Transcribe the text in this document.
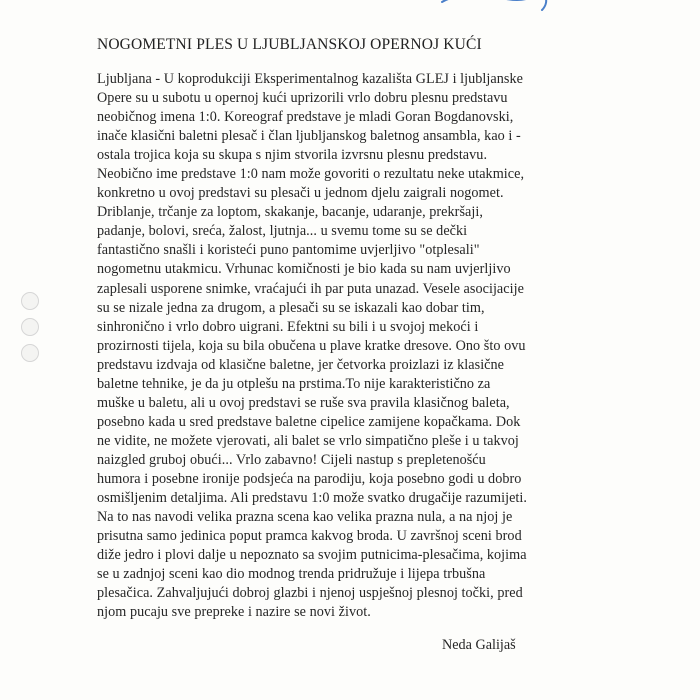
NOGOMETNI PLES U LJUBLJANSKOJ OPERNOJ KUĆI
Ljubljana - U koprodukciji Eksperimentalnog kazališta GLEJ i ljubljanske
Opere su u subotu u opernoj kući uprizorili vrlo dobru plesnu predstavu
neobičnog imena 1:0. Koreograf predstave je mladi Goran Bogdanovski,
inače klasični baletni plesač i član ljubljanskog baletnog ansambla, kao i -
ostala trojica koja su skupa s njim stvorila izvrsnu plesnu predstavu.
Neobično ime predstave 1:0 nam može govoriti o rezultatu neke utakmice,
konkretno u ovoj predstavi su plesači u jednom djelu zaigrali nogomet.
Driblanje, trčanje za loptom, skakanje, bacanje, udaranje, prekršaji,
padanje, bolovi, sreća, žalost, ljutnja... u svemu tome su se dečki
fantastično snašli i koristeći puno pantomime uvjerljivo "otplesali"
nogometnu utakmicu. Vrhunac komičnosti je bio kada su nam uvjerljivo
zaplesali usporene snimke, vraćajući ih par puta unazad. Vesele asocijacije
su se nizale jedna za drugom, a plesači su se iskazali kao dobar tim,
sinhronično i vrlo dobro uigrani. Efektni su bili i u svojoj mekoći i
prozirnosti tijela, koja su bila obučena u plave kratke dresove. Ono što ovu
predstavu izdvaja od klasične baletne, jer četvorka proizlazi iz klasične
baletne tehnike, je da ju otplešu na prstima.To nije karakteristično za
muške u baletu, ali u ovoj predstavi se ruše sva pravila klasičnog baleta,
posebno kada u sred predstave baletne cipelice zamijene kopačkama. Dok
ne vidite, ne možete vjerovati, ali balet se vrlo simpatično pleše i u takvoj
naizgled gruboj obući... Vrlo zabavno! Cijeli nastup s prepletenošću
humora i posebne ironije podsjeća na parodiju, koja posebno godi u dobro
osmišljenim detaljima. Ali predstavu 1:0 može svatko drugačije razumijeti.
Na to nas navodi velika prazna scena kao velika prazna nula, a na njoj je
prisutna samo jedinica poput pramca kakvog broda. U završnoj sceni brod
diže jedro i plovi dalje u nepoznato sa svojim putnicima-plesačima, kojima
se u zadnjoj sceni kao dio modnog trenda pridružuje i lijepa trbušna
plesačica. Zahvaljujući dobroj glazbi i njenoj uspješnoj plesnoj točki, pred
njom pucaju sve prepreke i nazire se novi život.
Neda Galijaš
